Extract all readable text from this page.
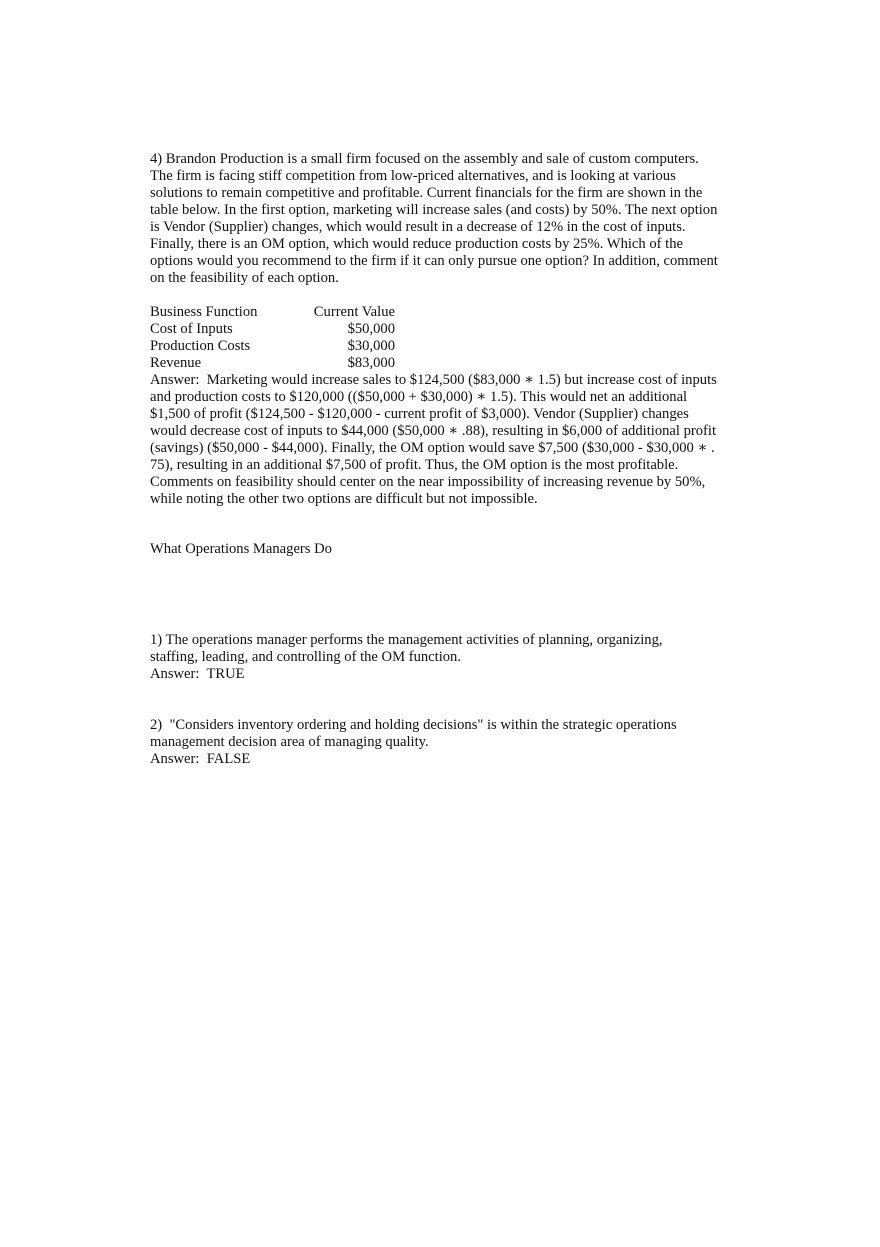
4) Brandon Production is a small firm focused on the assembly and sale of custom computers.
The firm is facing stiff competition from low-priced alternatives, and is looking at various
solutions to remain competitive and profitable. Current financials for the firm are shown in the
table below. In the first option, marketing will increase sales (and costs) by 50%. The next option
is Vendor (Supplier) changes, which would result in a decrease of 12% in the cost of inputs.
Finally, there is an OM option, which would reduce production costs by 25%. Which of the
options would you recommend to the firm if it can only pursue one option? In addition, comment
on the feasibility of each option.

Business Function	Current Value
Cost of Inputs	$50,000
Production Costs	$30,000
Revenue	$83,000

Answer:  Marketing would increase sales to $124,500 ($83,000 ∗ 1.5) but increase cost of inputs
and production costs to $120,000 (($50,000 + $30,000) ∗ 1.5). This would net an additional
$1,500 of profit ($124,500 - $120,000 - current profit of $3,000). Vendor (Supplier) changes
would decrease cost of inputs to $44,000 ($50,000 ∗ .88), resulting in $6,000 of additional profit
(savings) ($50,000 - $44,000). Finally, the OM option would save $7,500 ($30,000 - $30,000 ∗ .
75), resulting in an additional $7,500 of profit. Thus, the OM option is the most profitable.
Comments on feasibility should center on the near impossibility of increasing revenue by 50%,
while noting the other two options are difficult but not impossible.

What Operations Managers Do

1) The operations manager performs the management activities of planning, organizing,
staffing, leading, and controlling of the OM function.
Answer:  TRUE

2)  "Considers inventory ordering and holding decisions" is within the strategic operations
management decision area of managing quality.
Answer:  FALSE
